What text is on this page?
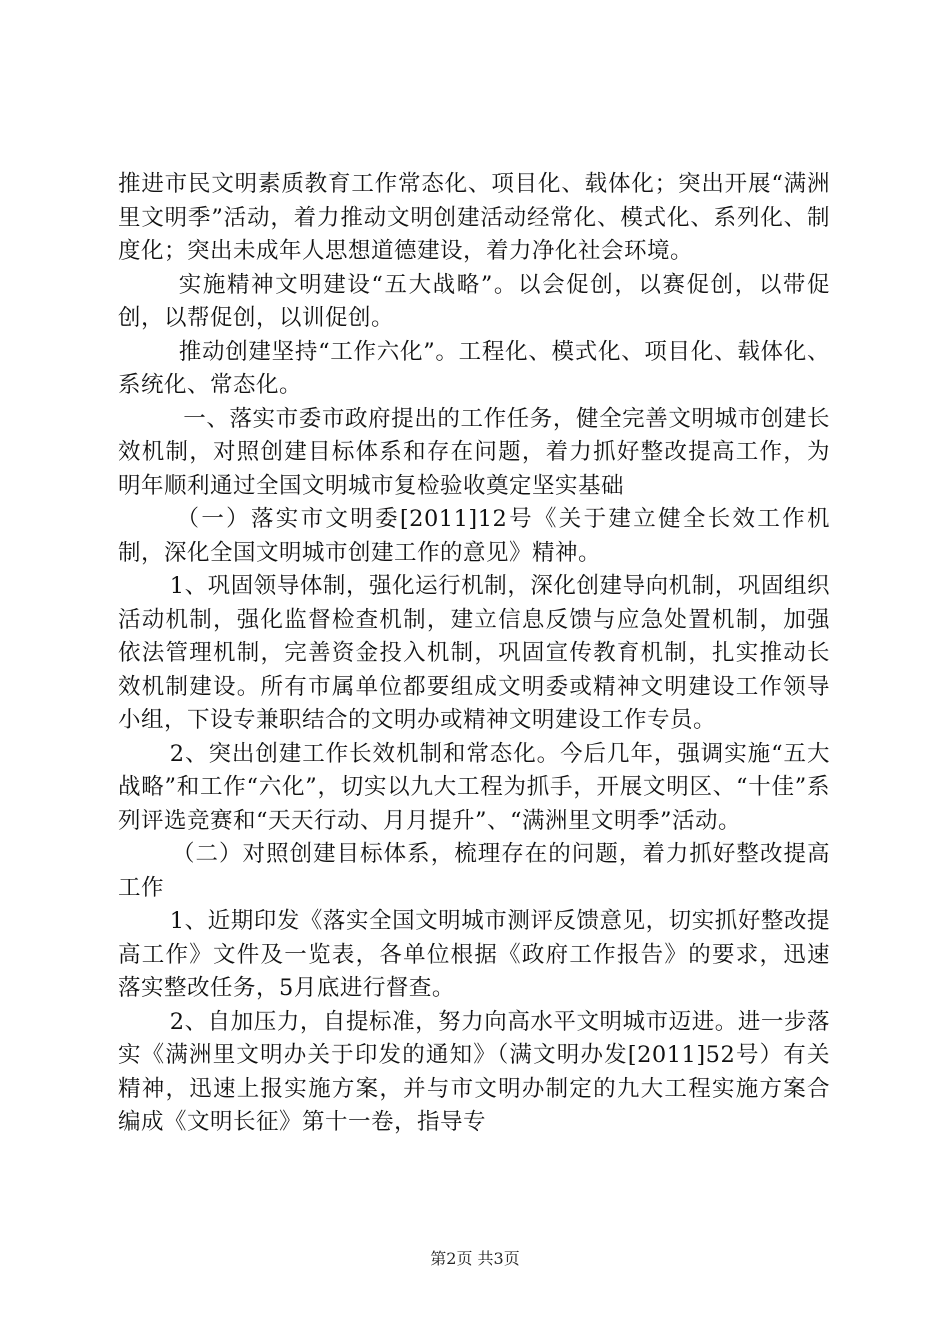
推进市民文明素质教育工作常态化、项目化、载体化；突出开展“满洲里文明季”活动，着力推动文明创建活动经常化、模式化、系列化、制度化；突出未成年人思想道德建设，着力净化社会环境。

实施精神文明建设“五大战略”。以会促创，以赛促创，以带促创，以帮促创，以训促创。

推动创建坚持“工作六化”。工程化、模式化、项目化、载体化、系统化、常态化。

一、落实市委市政府提出的工作任务，健全完善文明城市创建长效机制，对照创建目标体系和存在问题，着力抓好整改提高工作，为明年顺利通过全国文明城市复检验收奠定坚实基础

（一）落实市文明委[2011]12号《关于建立健全长效工作机制，深化全国文明城市创建工作的意见》精神。

1、巩固领导体制，强化运行机制，深化创建导向机制，巩固组织活动机制，强化监督检查机制，建立信息反馈与应急处置机制，加强依法管理机制，完善资金投入机制，巩固宣传教育机制，扎实推动长效机制建设。所有市属单位都要组成文明委或精神文明建设工作领导小组，下设专兼职结合的文明办或精神文明建设工作专员。

2、突出创建工作长效机制和常态化。今后几年，强调实施“五大战略”和工作“六化”，切实以九大工程为抓手，开展文明区、“十佳”系列评选竞赛和“天天行动、月月提升”、“满洲里文明季”活动。

（二）对照创建目标体系，梳理存在的问题，着力抓好整改提高工作

1、近期印发《落实全国文明城市测评反馈意见，切实抓好整改提高工作》文件及一览表，各单位根据《政府工作报告》的要求，迅速落实整改任务，5月底进行督查。

2、自加压力，自提标准，努力向高水平文明城市迈进。进一步落实《满洲里文明办关于印发的通知》（满文明办发[2011]52号）有关精神，迅速上报实施方案，并与市文明办制定的九大工程实施方案合编成《文明长征》第十一卷，指导专

第2页 共3页
